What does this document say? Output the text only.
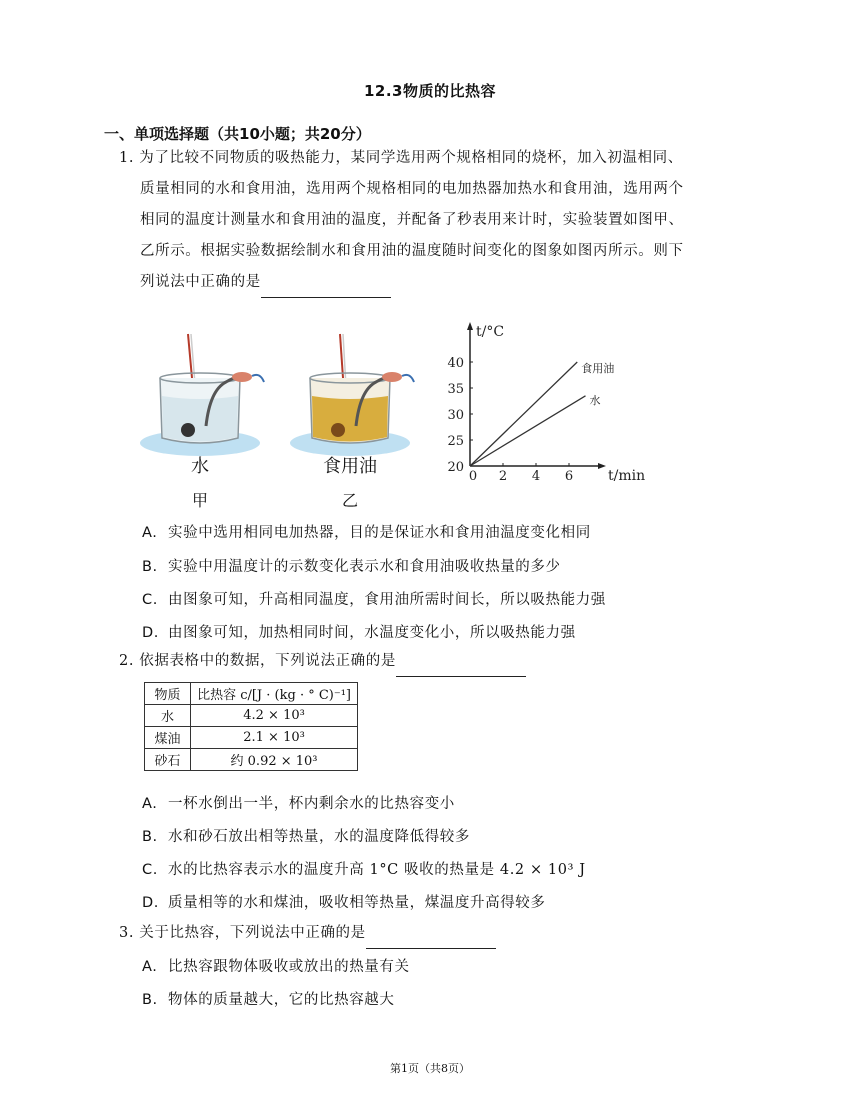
12.3物质的比热容
一、单项选择题（共10小题；共20分）
1. 为了比较不同物质的吸热能力，某同学选用两个规格相同的烧杯，加入初温相同、
质量相同的水和食用油，选用两个规格相同的电加热器加热水和食用油，选用两个
相同的温度计测量水和食用油的温度，并配备了秒表用来计时，实验装置如图甲、
乙所示。根据实验数据绘制水和食用油的温度随时间变化的图象如图丙所示。则下
列说法中正确的是
水
甲
食用油
乙
t/°C
t/min
20
25
30
35
40
0 2 4 6
食用油
水
A. 实验中选用相同电加热器，目的是保证水和食用油温度变化相同
B. 实验中用温度计的示数变化表示水和食用油吸收热量的多少
C. 由图象可知，升高相同温度，食用油所需时间长，所以吸热能力强
D. 由图象可知，加热相同时间，水温度变化小，所以吸热能力强
2. 依据表格中的数据，下列说法正确的是
物质	比热容 c/[J · (kg · ° C)⁻¹]
水	4.2 × 10³
煤油	2.1 × 10³
砂石	约 0.92 × 10³
A. 一杯水倒出一半，杯内剩余水的比热容变小
B. 水和砂石放出相等热量，水的温度降低得较多
C. 水的比热容表示水的温度升高 1°C 吸收的热量是 4.2 × 10³ J
D. 质量相等的水和煤油，吸收相等热量，煤温度升高得较多
3. 关于比热容，下列说法中正确的是
A. 比热容跟物体吸收或放出的热量有关
B. 物体的质量越大，它的比热容越大
第1页（共8页）
